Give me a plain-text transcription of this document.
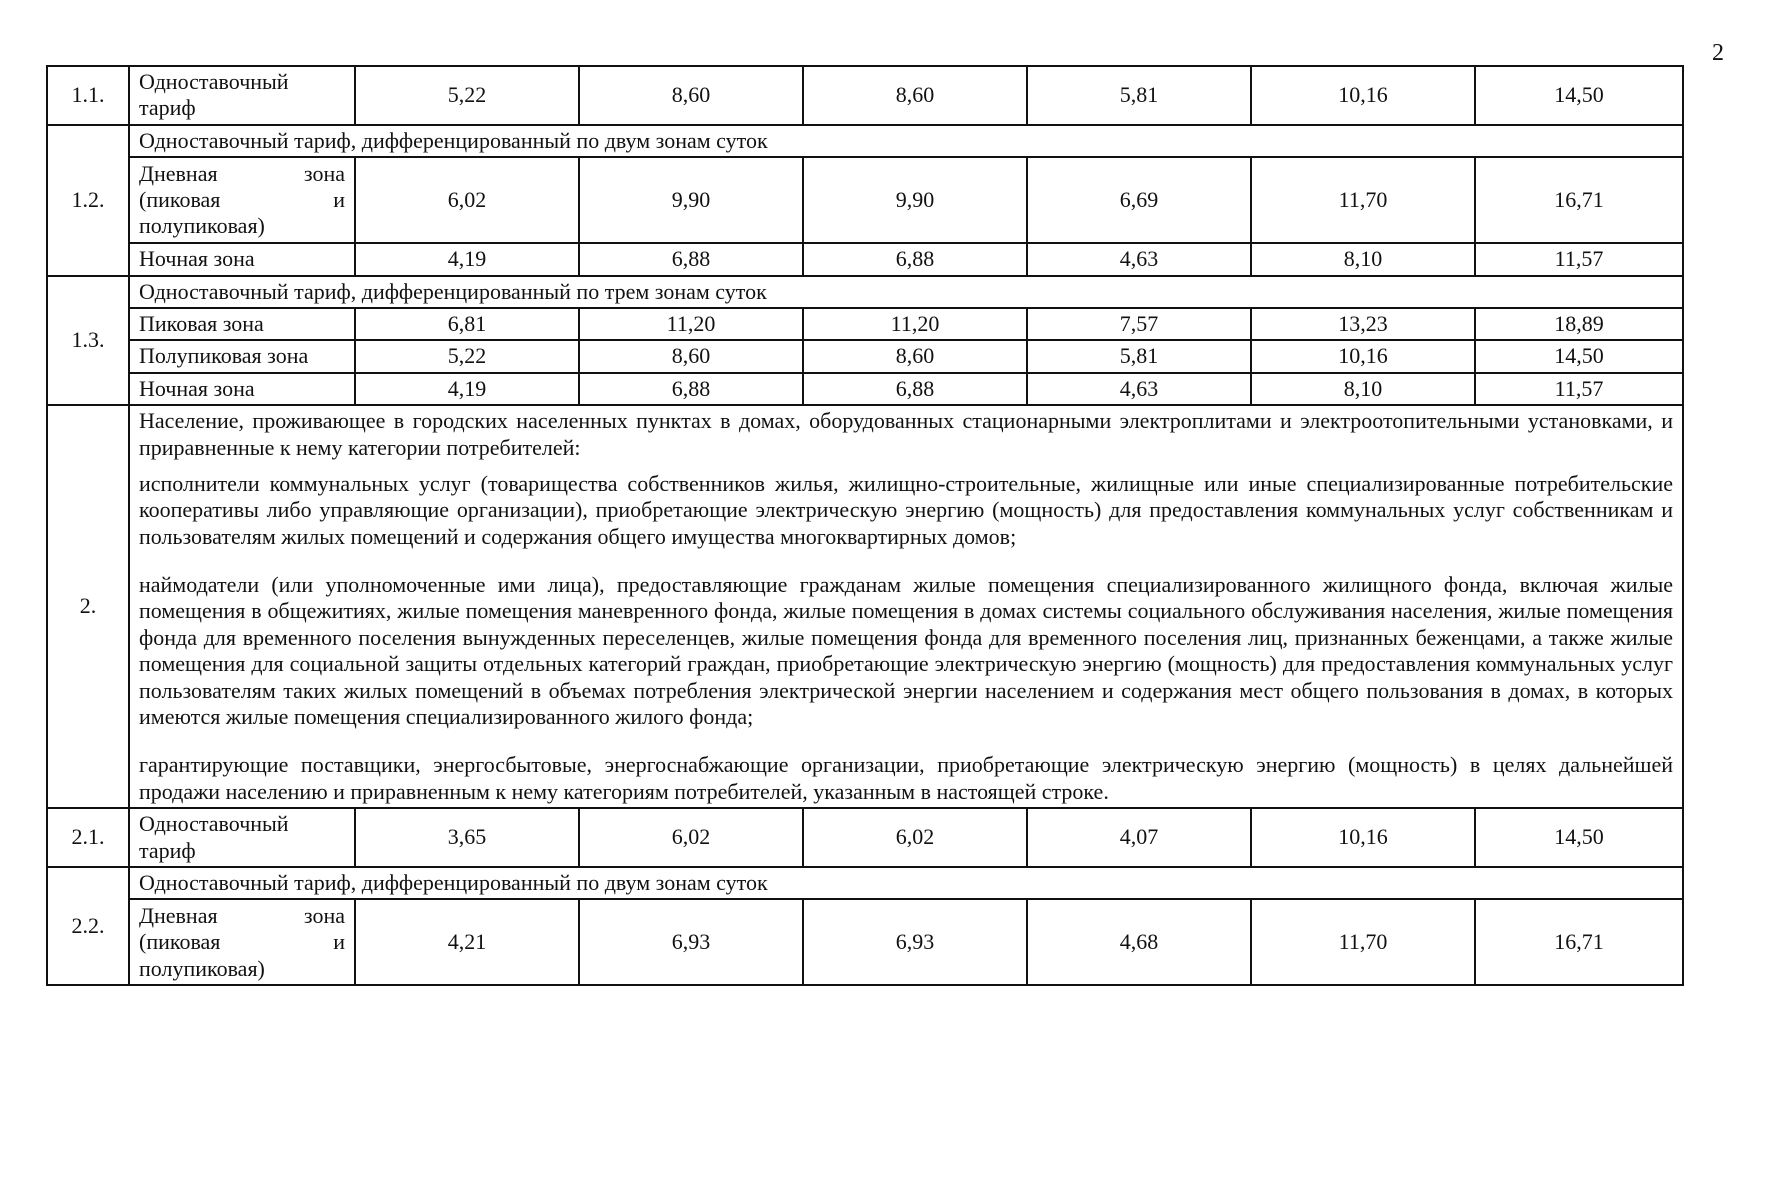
2
1.1.	Одноставочный тариф	5,22	8,60	8,60	5,81	10,16	14,50
1.2.	Одноставочный тариф, дифференцированный по двум зонам суток						
	Дневная зона (пиковая и полупиковая)	6,02	9,90	9,90	6,69	11,70	16,71
	Ночная зона	4,19	6,88	6,88	4,63	8,10	11,57
1.3.	Одноставочный тариф, дифференцированный по трем зонам суток						
	Пиковая зона	6,81	11,20	11,20	7,57	13,23	18,89
	Полупиковая зона	5,22	8,60	8,60	5,81	10,16	14,50
	Ночная зона	4,19	6,88	6,88	4,63	8,10	11,57
2.	Население, проживающее в городских населенных пунктах в домах, оборудованных стационарными электроплитами и электроотопительными установками, и приравненные к нему категории потребителей:

исполнители коммунальных услуг (товарищества собственников жилья, жилищно-строительные, жилищные или иные специализированные потребительские кооперативы либо управляющие организации), приобретающие электрическую энергию (мощность) для предоставления коммунальных услуг собственникам и пользователям жилых помещений и содержания общего имущества многоквартирных домов;

наймодатели (или уполномоченные ими лица), предоставляющие гражданам жилые помещения специализированного жилищного фонда, включая жилые помещения в общежитиях, жилые помещения маневренного фонда, жилые помещения в домах системы социального обслуживания населения, жилые помещения фонда для временного поселения вынужденных переселенцев, жилые помещения фонда для временного поселения лиц, признанных беженцами, а также жилые помещения для социальной защиты отдельных категорий граждан, приобретающие электрическую энергию (мощность) для предоставления коммунальных услуг пользователям таких жилых помещений в объемах потребления электрической энергии населением и содержания мест общего пользования в домах, в которых имеются жилые помещения специализированного жилого фонда;

гарантирующие поставщики, энергосбытовые, энергоснабжающие организации, приобретающие электрическую энергию (мощность) в целях дальнейшей продажи населению и приравненным к нему категориям потребителей, указанным в настоящей строке.						

2.1.	Одноставочный тариф	3,65	6,02	6,02	4,07	10,16	14,50
2.2.	Одноставочный тариф, дифференцированный по двум зонам суток						
	Дневная зона (пиковая и полупиковая)	4,21	6,93	6,93	4,68	11,70	16,71
